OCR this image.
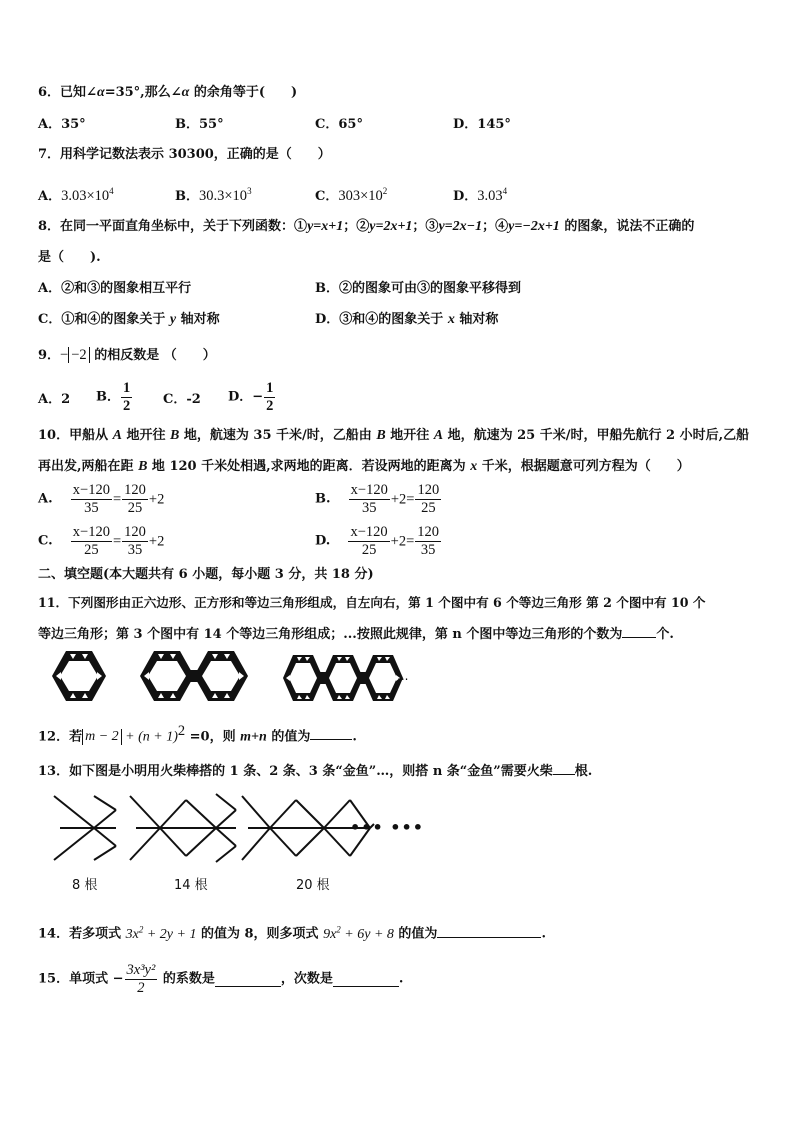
6．已知∠α=35°,那么∠α 的余角等于(　　)
A．35°	B．55°	C．65°	D．145°
7．用科学记数法表示 30300，正确的是（　　）
A．$3.03\times 10^4$	B．$30.3\times 10^3$	C．$303\times 10^2$	D．3.03$^4$
8．在同一平面直角坐标中，关于下列函数：①y=x+1；②y=2x+1；③y=2x−1；④y=−2x+1 的图象，说法不正确的
是（　　).
A．②和③的图象相互平行	B．②的图象可由③的图象平移得到
C．①和④的图象关于 y 轴对称	D．③和④的图象关于 x 轴对称
9．− −2 的相反数是 （　　）
A．2 B． $\frac{1}{2}$ C．-2 D．− $\frac{1}{2}$
10．甲船从 A 地开往 B 地，航速为 35 千米/时，乙船由 B 地开往 A 地，航速为 25 千米/时，甲船先航行 2 小时后,乙船
再出发,两船在距 B 地 120 千米处相遇,求两地的距离．若设两地的距离为 x 千米，根据题意可列方程为（　　）
A. $\frac{x-120}{35} = \frac{120}{25} +2$	B. $\frac{x-120}{35} +2= \frac{120}{25}$
C. $\frac{x-120}{25} = \frac{120}{35} +2$	D. $\frac{x-120}{25} +2= \frac{120}{35}$
二、填空题(本大题共有 6 小题，每小题 3 分，共 18 分)
11．下列图形由正六边形、正方形和等边三角形组成，自左向右，第 1 个图中有 6 个等边三角形 第 2 个图中有 10 个
等边三角形；第 3 个图中有 14 个等边三角形组成；...按照此规律，第 n 个图中等边三角形的个数为	个.
...
12．若 $m - 2 + (n + 1)^2 =0$，则 m+n 的值为	.
13．如下图是小明用火柴棒搭的 1 条、2 条、3 条“金鱼”…，则搭 n 条“金鱼”需要火柴 根.
••• •••
8 根	14 根	20 根
14．若多项式 $3x^2 + 2y + 1$ 的值为 8，则多项式 $9x^2 + 6y + 8$ 的值为	.
15．单项式 − $\frac{\text{3x³y²}}{2}$ 的系数是	，次数是	.
